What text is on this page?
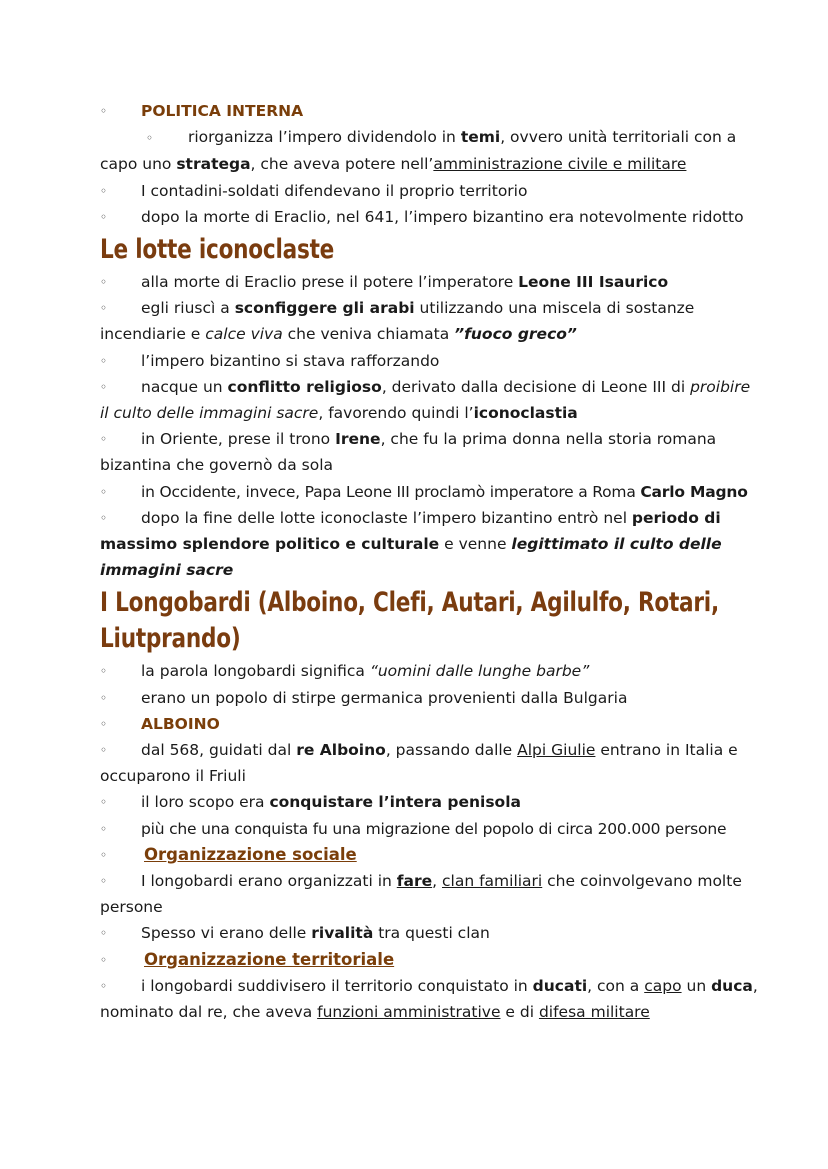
◦ POLITICA INTERNA

◦ riorganizza l’impero dividendolo in temi, ovvero unità territoriali con a capo uno stratega, che aveva potere nell’amministrazione civile e militare

◦ I contadini-soldati difendevano il proprio territorio

◦ dopo la morte di Eraclio, nel 641, l’impero bizantino era notevolmente ridotto

Le lotte iconoclaste

◦ alla morte di Eraclio prese il potere l’imperatore Leone III Isaurico

◦ egli riuscì a sconfiggere gli arabi utilizzando una miscela di sostanze incendiarie e calce viva che veniva chiamata ”fuoco greco”

◦ l’impero bizantino si stava rafforzando

◦ nacque un conflitto religioso, derivato dalla decisione di Leone III di proibire il culto delle immagini sacre, favorendo quindi l’iconoclastia

◦ in Oriente, prese il trono Irene, che fu la prima donna nella storia romana bizantina che governò da sola

◦ in Occidente, invece, Papa Leone III proclamò imperatore a Roma Carlo Magno

◦ dopo la fine delle lotte iconoclaste l’impero bizantino entrò nel periodo di massimo splendore politico e culturale e venne legittimato il culto delle immagini sacre

I Longobardi (Alboino, Clefi, Autari, Agilulfo, Rotari,
Liutprando)

◦ la parola longobardi significa “uomini dalle lunghe barbe”

◦ erano un popolo di stirpe germanica provenienti dalla Bulgaria

◦ ALBOINO

◦ dal 568, guidati dal re Alboino, passando dalle Alpi Giulie entrano in Italia e occuparono il Friuli

◦ il loro scopo era conquistare l’intera penisola

◦ più che una conquista fu una migrazione del popolo di circa 200.000 persone

◦ Organizzazione sociale

◦ I longobardi erano organizzati in fare, clan familiari che coinvolgevano molte persone

◦ Spesso vi erano delle rivalità tra questi clan

◦ Organizzazione territoriale

◦ i longobardi suddivisero il territorio conquistato in ducati, con a capo un duca, nominato dal re, che aveva funzioni amministrative e di difesa militare
